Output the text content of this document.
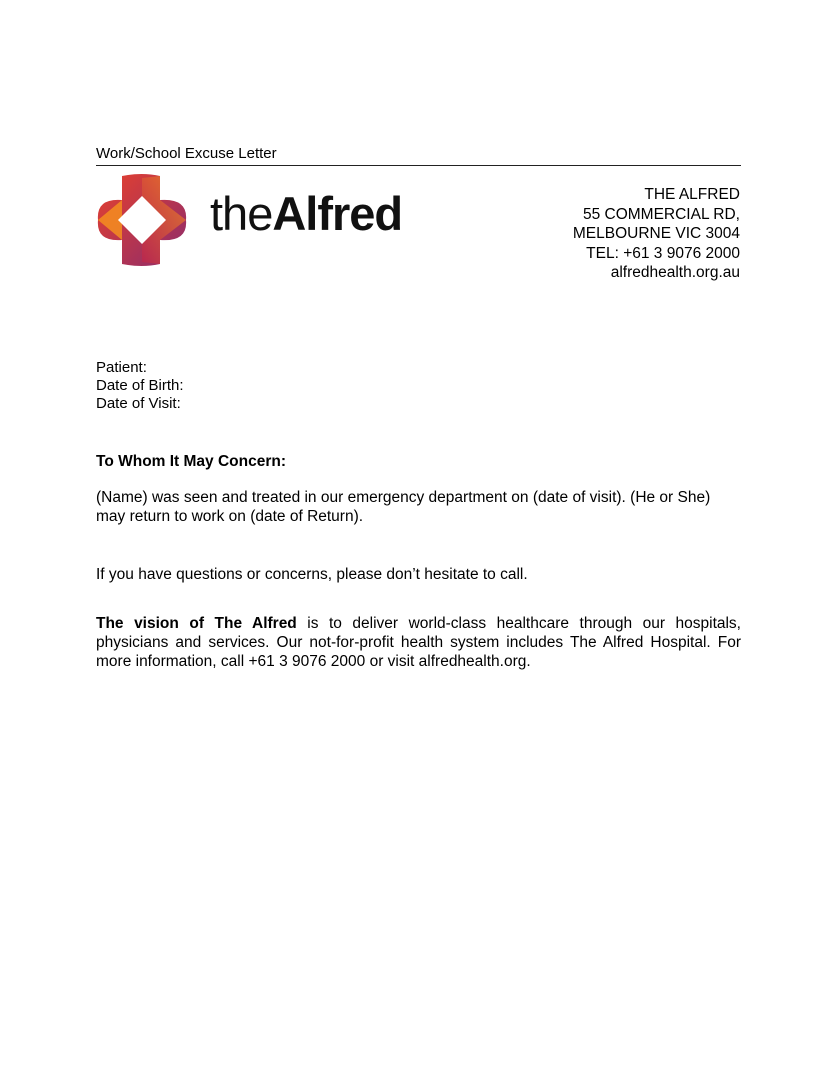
Work/School Excuse Letter
theAlfred	THE ALFRED
55 COMMERCIAL RD,
MELBOURNE VIC 3004
TEL: +61 3 9076 2000
alfredhealth.org.au
Patient:
Date of Birth:
Date of Visit:
To Whom It May Concern:
(Name) was seen and treated in our emergency department on (date of visit). (He or She) may return to work on (date of Return).
If you have questions or concerns, please don’t hesitate to call.
The vision of The Alfred is to deliver world-class healthcare through our hospitals, physicians and services. Our not-for-profit health system includes The Alfred Hospital. For more information, call +61 3 9076 2000 or visit alfredhealth.org.
